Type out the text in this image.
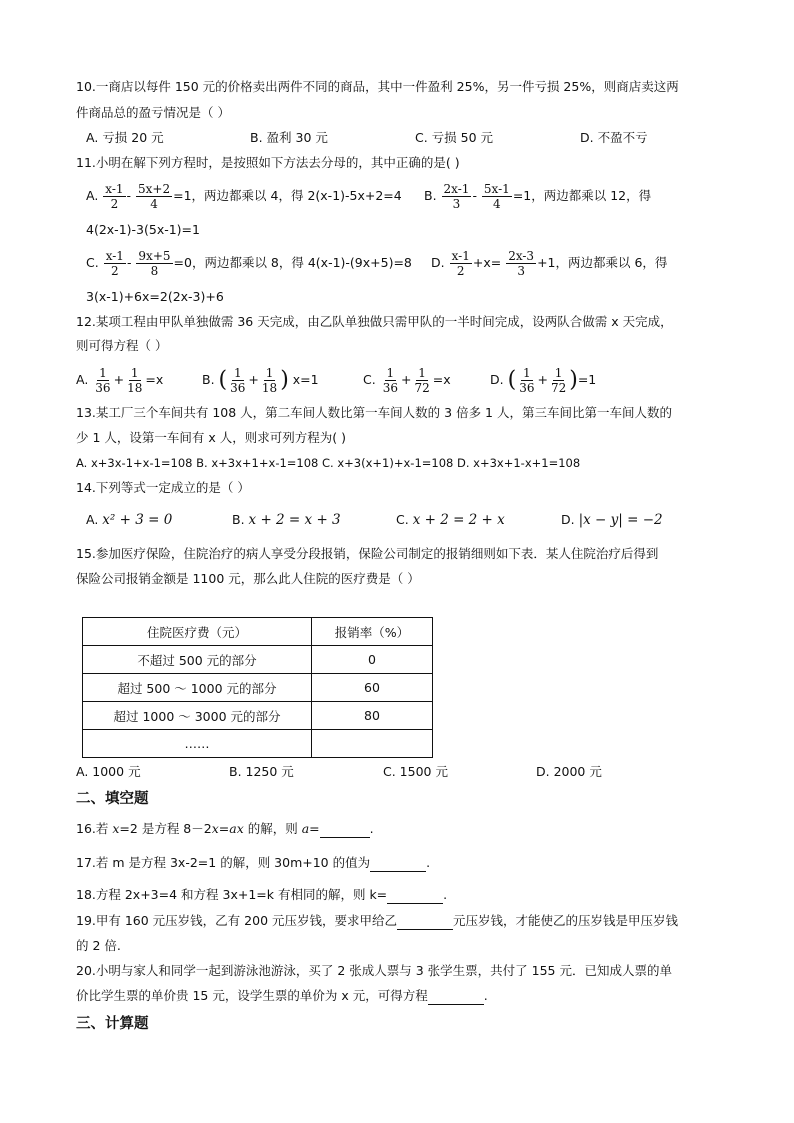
10.一商店以每件 150 元的价格卖出两件不同的商品，其中一件盈利 25%，另一件亏损 25%，则商店卖这两
件商品总的盈亏情况是（ ）
A. 亏损 20 元	B. 盈利 30 元	C. 亏损 50 元	D. 不盈不亏
11.小明在解下列方程时，是按照如下方法去分母的，其中正确的是( )
A. $\frac{x-1}{2} - \frac{5x+2}{4} =1$，两边都乘以 4，得 2(x-1)-5x+2=4 B. $\frac{2x-1}{3} - \frac{5x-1}{4} =1$，两边都乘以 12，得
4(2x-1)-3(5x-1)=1
C. $\frac{x-1}{2} - \frac{9x+5}{8} =0$，两边都乘以 8，得 4(x-1)-(9x+5)=8 D. $\frac{x-1}{2} +x= \frac{2x-3}{3} +1$，两边都乘以 6，得
3(x-1)+6x=2(2x-3)+6
12.某项工程由甲队单独做需 36 天完成，由乙队单独做只需甲队的一半时间完成，设两队合做需 x 天完成，
则可得方程（ ）
A. $\frac{1}{36} + \frac{1}{18} =x$	B. ( $\frac{1}{36} + \frac{1}{18}$ ) x=1	C. $\frac{1}{36} + \frac{1}{72} =x$	D. ( $\frac{1}{36} + \frac{1}{72} )=1$
13.某工厂三个车间共有 108 人，第二车间人数比第一车间人数的 3 倍多 1 人，第三车间比第一车间人数的
少 1 人，设第一车间有 x 人，则求可列方程为( )
A. x+3x-1+x-1=108 B. x+3x+1+x-1=108 C. x+3(x+1)+x-1=108 D. x+3x+1-x+1=108
14.下列等式一定成立的是（ ）
A. x² + 3 = 0	B. x + 2 = x + 3	C. x + 2 = 2 + x	D. |x − y| = −2
15.参加医疗保险，住院治疗的病人享受分段报销，保险公司制定的报销细则如下表．某人住院治疗后得到
保险公司报销金额是 1100 元，那么此人住院的医疗费是（ ）
住院医疗费（元）	报销率（%）
不超过 500 元的部分	0
超过 500 ～ 1000 元的部分	60
超过 1000 ～ 3000 元的部分	80
……	
A. 1000 元	B. 1250 元	C. 1500 元	D. 2000 元
二、填空题
16.若 x=2 是方程 8－2x=ax 的解，则 a=	.
17.若 m 是方程 3x-2=1 的解，则 30m+10 的值为	.
18.方程 2x+3=4 和方程 3x+1=k 有相同的解，则 k=	.
19.甲有 160 元压岁钱，乙有 200 元压岁钱，要求甲给乙	元压岁钱，才能使乙的压岁钱是甲压岁钱
的 2 倍.
20.小明与家人和同学一起到游泳池游泳，买了 2 张成人票与 3 张学生票，共付了 155 元．已知成人票的单
价比学生票的单价贵 15 元，设学生票的单价为 x 元，可得方程	.
三、计算题
